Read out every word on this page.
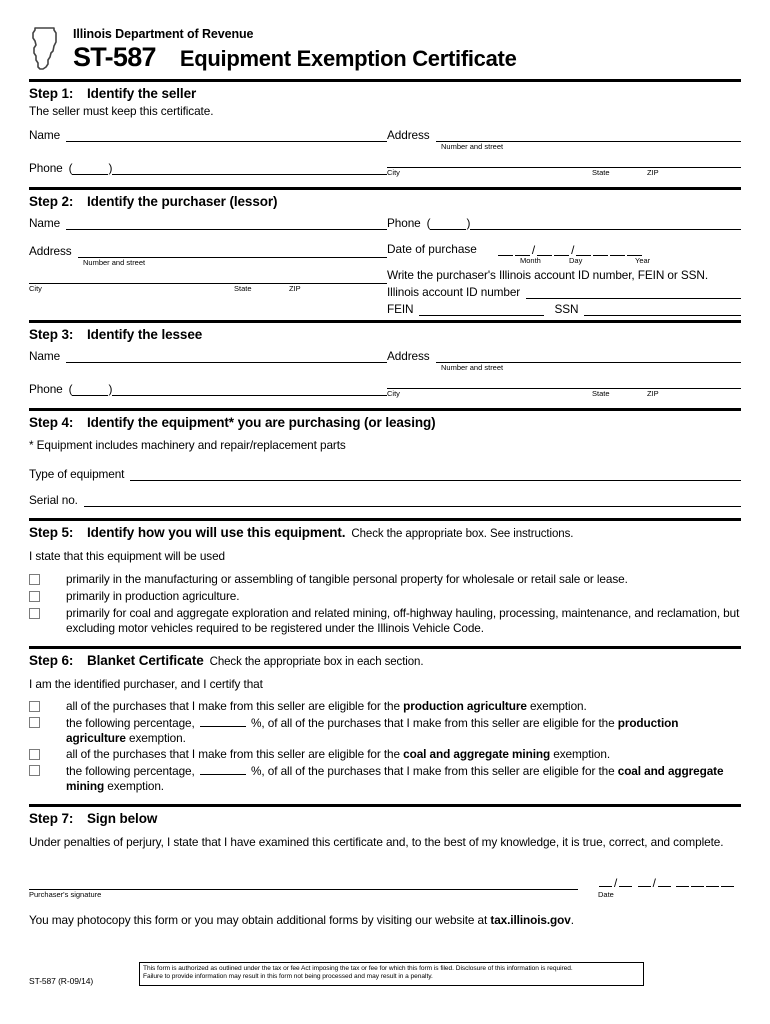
Illinois Department of Revenue
ST-587 Equipment Exemption Certificate
Step 1:	Identify the seller
The seller must keep this certificate.
Name
Phone (	)
Address
Number and street
City	State	ZIP
Step 2:	Identify the purchaser (lessor)
Name
Address
Number and street
City	State	ZIP
Phone (	)
Date of purchase	/	/
Month	Day	Year
Write the purchaser's Illinois account ID number, FEIN or SSN.
Illinois account ID number
FEIN	SSN
Step 3:	Identify the lessee
Name
Phone (	)
Address
Number and street
City	State	ZIP
Step 4:	Identify the equipment* you are purchasing (or leasing)
* Equipment includes machinery and repair/replacement parts
Type of equipment
Serial no.
Step 5:	Identify how you will use this equipment. Check the appropriate box. See instructions.
I state that this equipment will be used
primarily in the manufacturing or assembling of tangible personal property for wholesale or retail sale or lease.
primarily in production agriculture.
primarily for coal and aggregate exploration and related mining, off-highway hauling, processing, maintenance, and reclamation, but excluding motor vehicles required to be registered under the Illinois Vehicle Code.
Step 6:	Blanket Certificate Check the appropriate box in each section.
I am the identified purchaser, and I certify that
all of the purchases that I make from this seller are eligible for the production agriculture exemption.
the following percentage,	%, of all of the purchases that I make from this seller are eligible for the production agriculture exemption.
all of the purchases that I make from this seller are eligible for the coal and aggregate mining exemption.
the following percentage,	%, of all of the purchases that I make from this seller are eligible for the coal and aggregate mining exemption.
Step 7:	Sign below
Under penalties of perjury, I state that I have examined this certificate and, to the best of my knowledge, it is true, correct, and complete.
Purchaser's signature
/	/
Date
You may photocopy this form or you may obtain additional forms by visiting our website at tax.illinois.gov.
ST-587 (R-09/14)
This form is authorized as outlined under the tax or fee Act imposing the tax or fee for which this form is filed. Disclosure of this information is required.
Failure to provide information may result in this form not being processed and may result in a penalty.
